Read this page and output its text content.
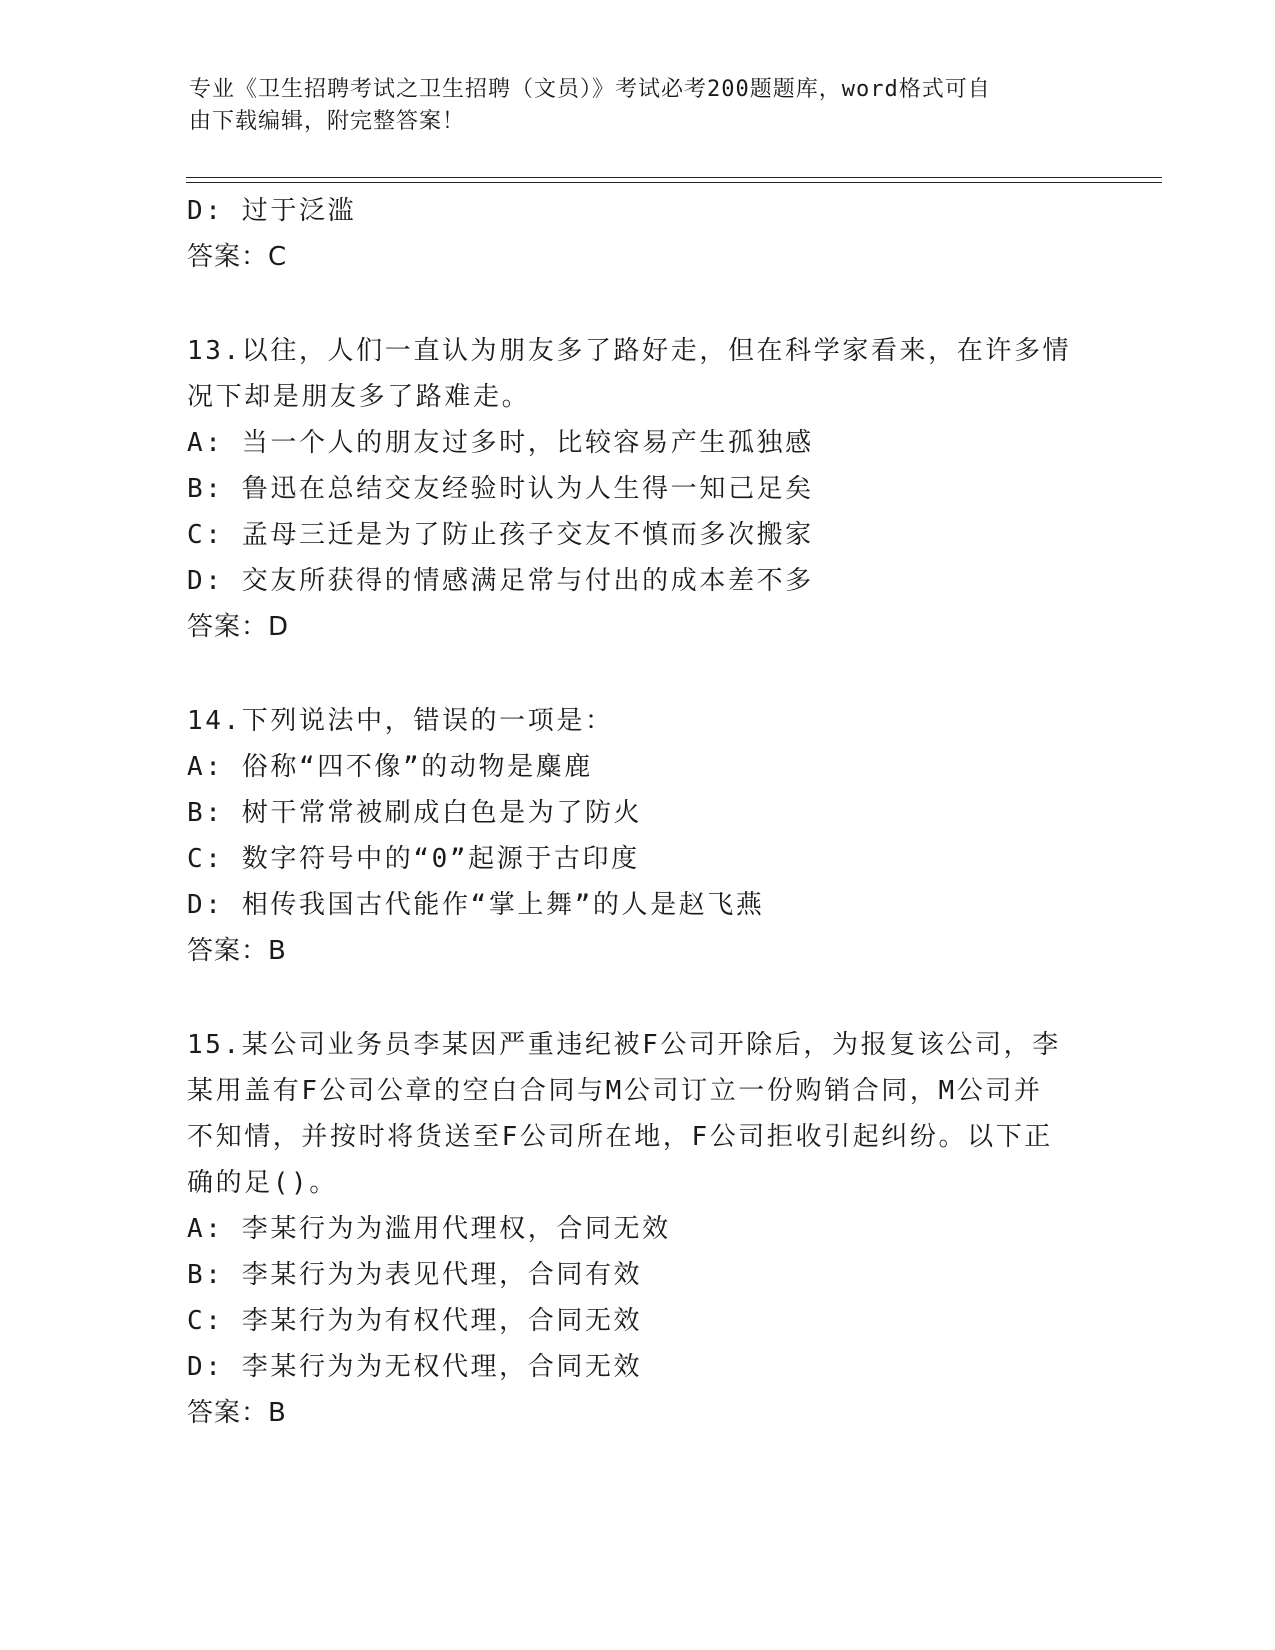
专业《卫生招聘考试之卫生招聘（文员）》考试必考200题题库，word格式可自
由下载编辑，附完整答案！
D: 过于泛滥
答案：C
13.以往，人们一直认为朋友多了路好走，但在科学家看来，在许多情
况下却是朋友多了路难走。
A: 当一个人的朋友过多时，比较容易产生孤独感
B: 鲁迅在总结交友经验时认为人生得一知己足矣
C: 孟母三迁是为了防止孩子交友不慎而多次搬家
D: 交友所获得的情感满足常与付出的成本差不多
答案：D
14.下列说法中，错误的一项是：
A: 俗称“四不像”的动物是麋鹿
B: 树干常常被刷成白色是为了防火
C: 数字符号中的“0”起源于古印度
D: 相传我国古代能作“掌上舞”的人是赵飞燕
答案：B
15.某公司业务员李某因严重违纪被F公司开除后，为报复该公司，李
某用盖有F公司公章的空白合同与M公司订立一份购销合同，M公司并
不知情，并按时将货送至F公司所在地，F公司拒收引起纠纷。以下正
确的足()。
A: 李某行为为滥用代理权，合同无效
B: 李某行为为表见代理，合同有效
C: 李某行为为有权代理，合同无效
D: 李某行为为无权代理，合同无效
答案：B
